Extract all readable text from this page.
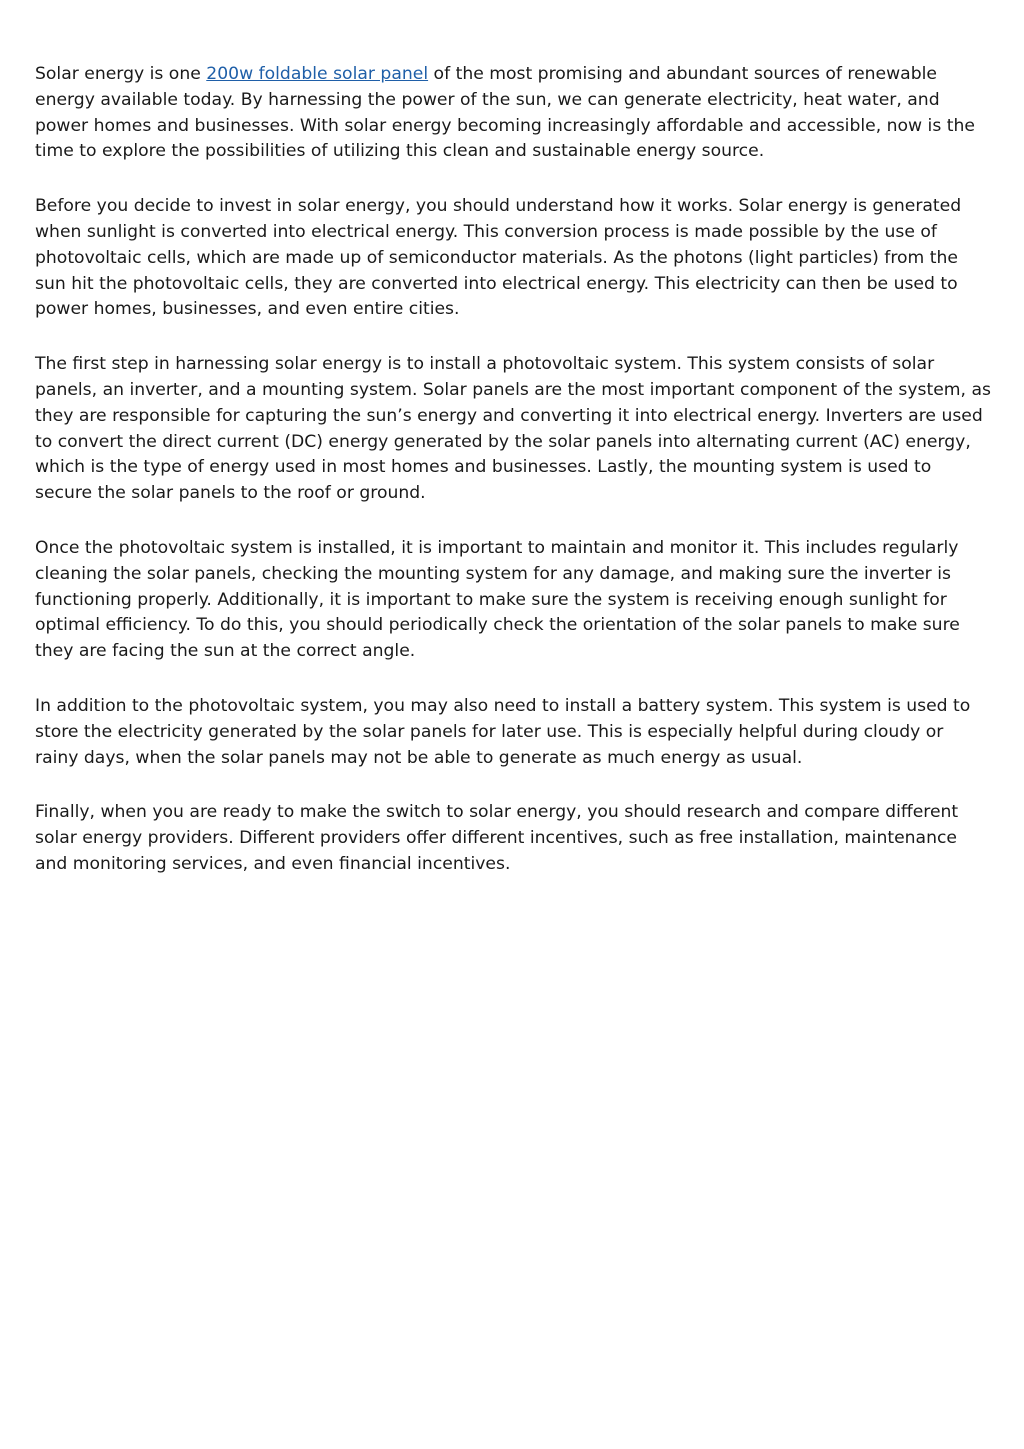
Solar energy is one 200w foldable solar panel of the most promising and abundant sources of renewable energy available today. By harnessing the power of the sun, we can generate electricity, heat water, and power homes and businesses. With solar energy becoming increasingly affordable and accessible, now is the time to explore the possibilities of utilizing this clean and sustainable energy source.

Before you decide to invest in solar energy, you should understand how it works. Solar energy is generated when sunlight is converted into electrical energy. This conversion process is made possible by the use of photovoltaic cells, which are made up of semiconductor materials. As the photons (light particles) from the sun hit the photovoltaic cells, they are converted into electrical energy. This electricity can then be used to power homes, businesses, and even entire cities.

The first step in harnessing solar energy is to install a photovoltaic system. This system consists of solar panels, an inverter, and a mounting system. Solar panels are the most important component of the system, as they are responsible for capturing the sun’s energy and converting it into electrical energy. Inverters are used to convert the direct current (DC) energy generated by the solar panels into alternating current (AC) energy, which is the type of energy used in most homes and businesses. Lastly, the mounting system is used to secure the solar panels to the roof or ground.

Once the photovoltaic system is installed, it is important to maintain and monitor it. This includes regularly cleaning the solar panels, checking the mounting system for any damage, and making sure the inverter is functioning properly. Additionally, it is important to make sure the system is receiving enough sunlight for optimal efficiency. To do this, you should periodically check the orientation of the solar panels to make sure they are facing the sun at the correct angle.

In addition to the photovoltaic system, you may also need to install a battery system. This system is used to store the electricity generated by the solar panels for later use. This is especially helpful during cloudy or rainy days, when the solar panels may not be able to generate as much energy as usual.

Finally, when you are ready to make the switch to solar energy, you should research and compare different solar energy providers. Different providers offer different incentives, such as free installation, maintenance and monitoring services, and even financial incentives.
